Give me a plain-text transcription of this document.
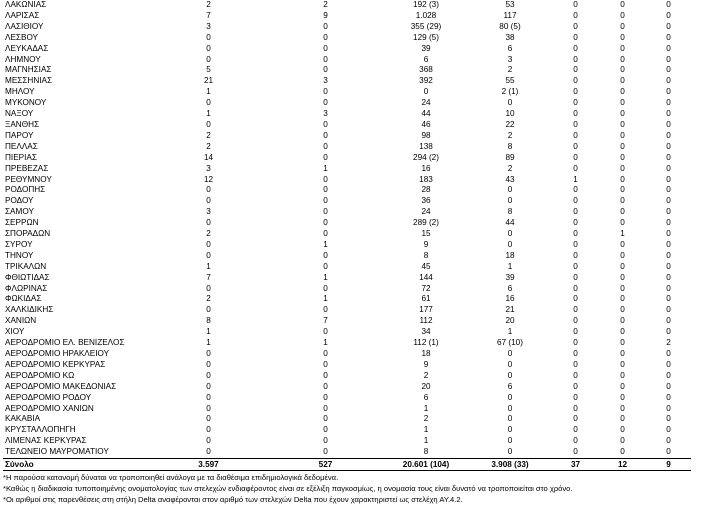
ΛΑΚΩΝΙΑΣ	2	2	192 (3)	53	0	0	0
ΛΑΡΙΣΑΣ	7	9	1.028	117	0	0	0
ΛΑΣΙΘΙΟΥ	3	0	355 (29)	80 (5)	0	0	0
ΛΕΣΒΟΥ	0	0	129 (5)	38	0	0	0
ΛΕΥΚΑΔΑΣ	0	0	39	6	0	0	0
ΛΗΜΝΟΥ	0	0	6	3	0	0	0
ΜΑΓΝΗΣΙΑΣ	5	0	368	2	0	0	0
ΜΕΣΣΗΝΙΑΣ	21	3	392	55	0	0	0
ΜΗΛΟΥ	1	0	0	2 (1)	0	0	0
ΜΥΚΟΝΟΥ	0	0	24	0	0	0	0
ΝΑΞΟΥ	1	3	44	10	0	0	0
ΞΑΝΘΗΣ	0	0	46	22	0	0	0
ΠΑΡΟΥ	2	0	98	2	0	0	0
ΠΕΛΛΑΣ	2	0	138	8	0	0	0
ΠΙΕΡΙΑΣ	14	0	294 (2)	89	0	0	0
ΠΡΕΒΕΖΑΣ	3	1	16	2	0	0	0
ΡΕΘΥΜΝΟΥ	12	0	183	43	1	0	0
ΡΟΔΟΠΗΣ	0	0	28	0	0	0	0
ΡΟΔΟΥ	0	0	36	0	0	0	0
ΣΑΜΟΥ	3	0	24	8	0	0	0
ΣΕΡΡΩΝ	0	0	289 (2)	44	0	0	0
ΣΠΟΡΑΔΩΝ	2	0	15	0	0	1	0
ΣΥΡΟΥ	0	1	9	0	0	0	0
ΤΗΝΟΥ	0	0	8	18	0	0	0
ΤΡΙΚΑΛΩΝ	1	0	45	1	0	0	0
ΦΘΙΩΤΙΔΑΣ	7	1	144	39	0	0	0
ΦΛΩΡΙΝΑΣ	0	0	72	6	0	0	0
ΦΩΚΙΔΑΣ	2	1	61	16	0	0	0
ΧΑΛΚΙΔΙΚΗΣ	0	0	177	21	0	0	0
ΧΑΝΙΩΝ	8	7	112	20	0	0	0
ΧΙΟΥ	1	0	34	1	0	0	0
ΑΕΡΟΔΡΟΜΙΟ ΕΛ. ΒΕΝΙΖΕΛΟΣ	1	1	112 (1)	67 (10)	0	0	2
ΑΕΡΟΔΡΟΜΙΟ ΗΡΑΚΛΕΙΟΥ	0	0	18	0	0	0	0
ΑΕΡΟΔΡΟΜΙΟ ΚΕΡΚΥΡΑΣ	0	0	9	0	0	0	0
ΑΕΡΟΔΡΟΜΙΟ ΚΩ	0	0	2	0	0	0	0
ΑΕΡΟΔΡΟΜΙΟ ΜΑΚΕΔΟΝΙΑΣ	0	0	20	6	0	0	0
ΑΕΡΟΔΡΟΜΙΟ ΡΟΔΟΥ	0	0	6	0	0	0	0
ΑΕΡΟΔΡΟΜΙΟ ΧΑΝΙΩΝ	0	0	1	0	0	0	0
ΚΑΚΑΒΙΑ	0	0	2	0	0	0	0
ΚΡΥΣΤΑΛΛΟΠΗΓΗ	0	0	1	0	0	0	0
ΛΙΜΕΝΑΣ ΚΕΡΚΥΡΑΣ	0	0	1	0	0	0	0
ΤΕΛΩΝΕΙΟ ΜΑΥΡΟΜΑΤΙΟΥ	0	0	8	0	0	0	0
Σύνολο	3.597	527	20.601 (104)	3.908 (33)	37	12	9
*Η παρούσα κατανομή δύναται να τροποποιηθεί ανάλογα με τα διαθέσιμα επιδημιολογικά δεδομένα.
*Καθώς η διαδικασία τυποποιημένης ονοματολογίας των στελεχών ενδιαφέροντος είναι σε εξέλιξη παγκοσμίως, η ονομασία τους είναι δυνατό να τροποποιείται στο χρόνο.
*Οι αριθμοί στις παρενθέσεις στη στήλη Delta αναφέρονται στον αριθμό των στελεχών Delta που έχουν χαρακτηριστεί ως στελέχη ΑΥ.4.2.
